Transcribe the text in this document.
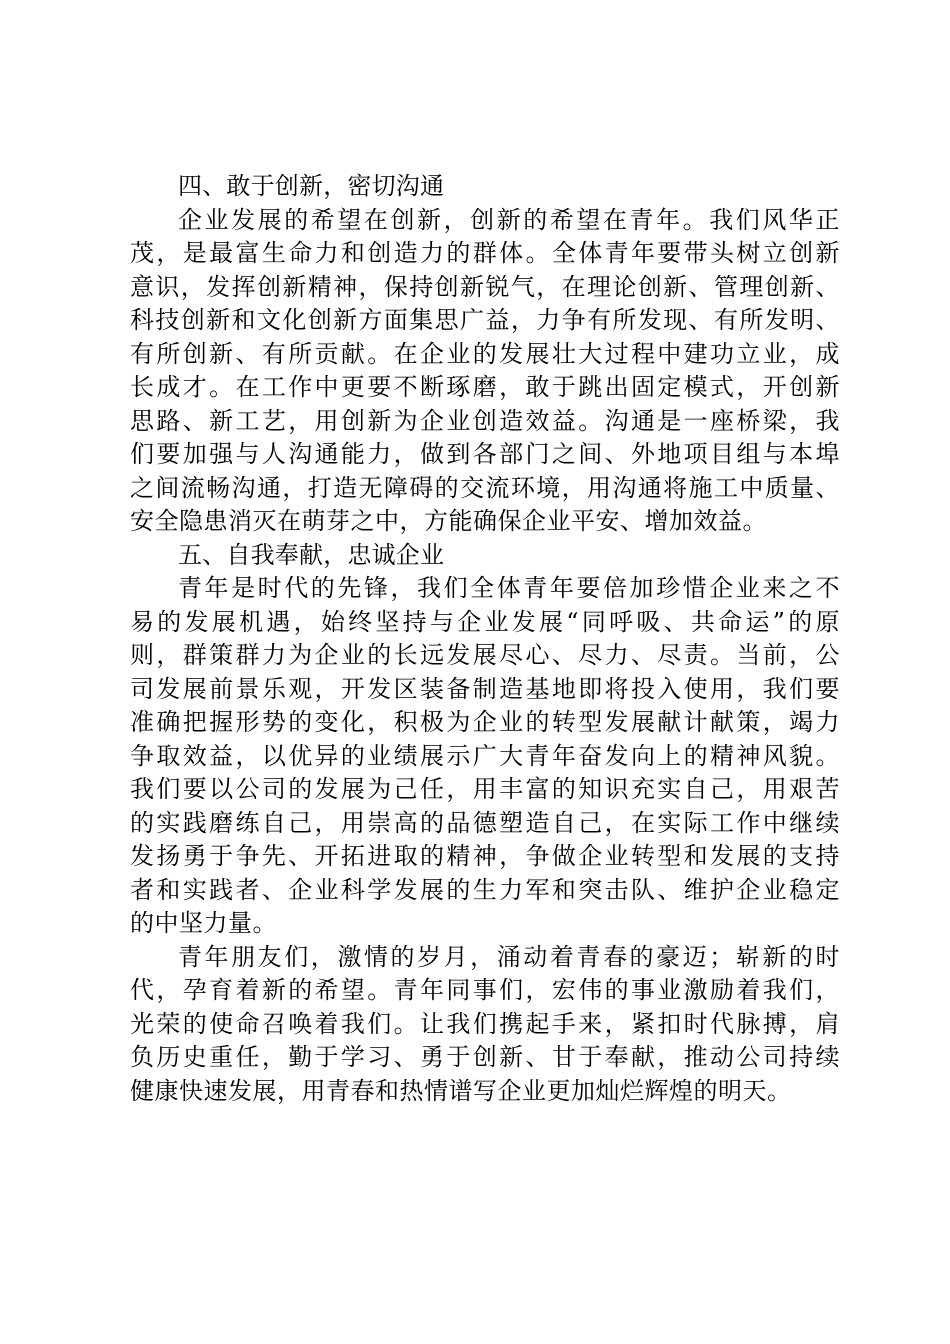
四、敢于创新，密切沟通
企业发展的希望在创新，创新的希望在青年。我们风华正
茂，是最富生命力和创造力的群体。全体青年要带头树立创新
意识，发挥创新精神，保持创新锐气，在理论创新、管理创新、
科技创新和文化创新方面集思广益，力争有所发现、有所发明、
有所创新、有所贡献。在企业的发展壮大过程中建功立业，成
长成才。在工作中更要不断琢磨，敢于跳出固定模式，开创新
思路、新工艺，用创新为企业创造效益。沟通是一座桥梁，我
们要加强与人沟通能力，做到各部门之间、外地项目组与本埠
之间流畅沟通，打造无障碍的交流环境，用沟通将施工中质量、
安全隐患消灭在萌芽之中，方能确保企业平安、增加效益。
五、自我奉献，忠诚企业
青年是时代的先锋，我们全体青年要倍加珍惜企业来之不
易的发展机遇，始终坚持与企业发展“同呼吸、共命运”的原
则，群策群力为企业的长远发展尽心、尽力、尽责。当前，公
司发展前景乐观，开发区装备制造基地即将投入使用，我们要
准确把握形势的变化，积极为企业的转型发展献计献策，竭力
争取效益，以优异的业绩展示广大青年奋发向上的精神风貌。
我们要以公司的发展为己任，用丰富的知识充实自己，用艰苦
的实践磨练自己，用崇高的品德塑造自己，在实际工作中继续
发扬勇于争先、开拓进取的精神，争做企业转型和发展的支持
者和实践者、企业科学发展的生力军和突击队、维护企业稳定
的中坚力量。
青年朋友们，激情的岁月，涌动着青春的豪迈；崭新的时
代，孕育着新的希望。青年同事们，宏伟的事业激励着我们，
光荣的使命召唤着我们。让我们携起手来，紧扣时代脉搏，肩
负历史重任，勤于学习、勇于创新、甘于奉献，推动公司持续
健康快速发展，用青春和热情谱写企业更加灿烂辉煌的明天。
